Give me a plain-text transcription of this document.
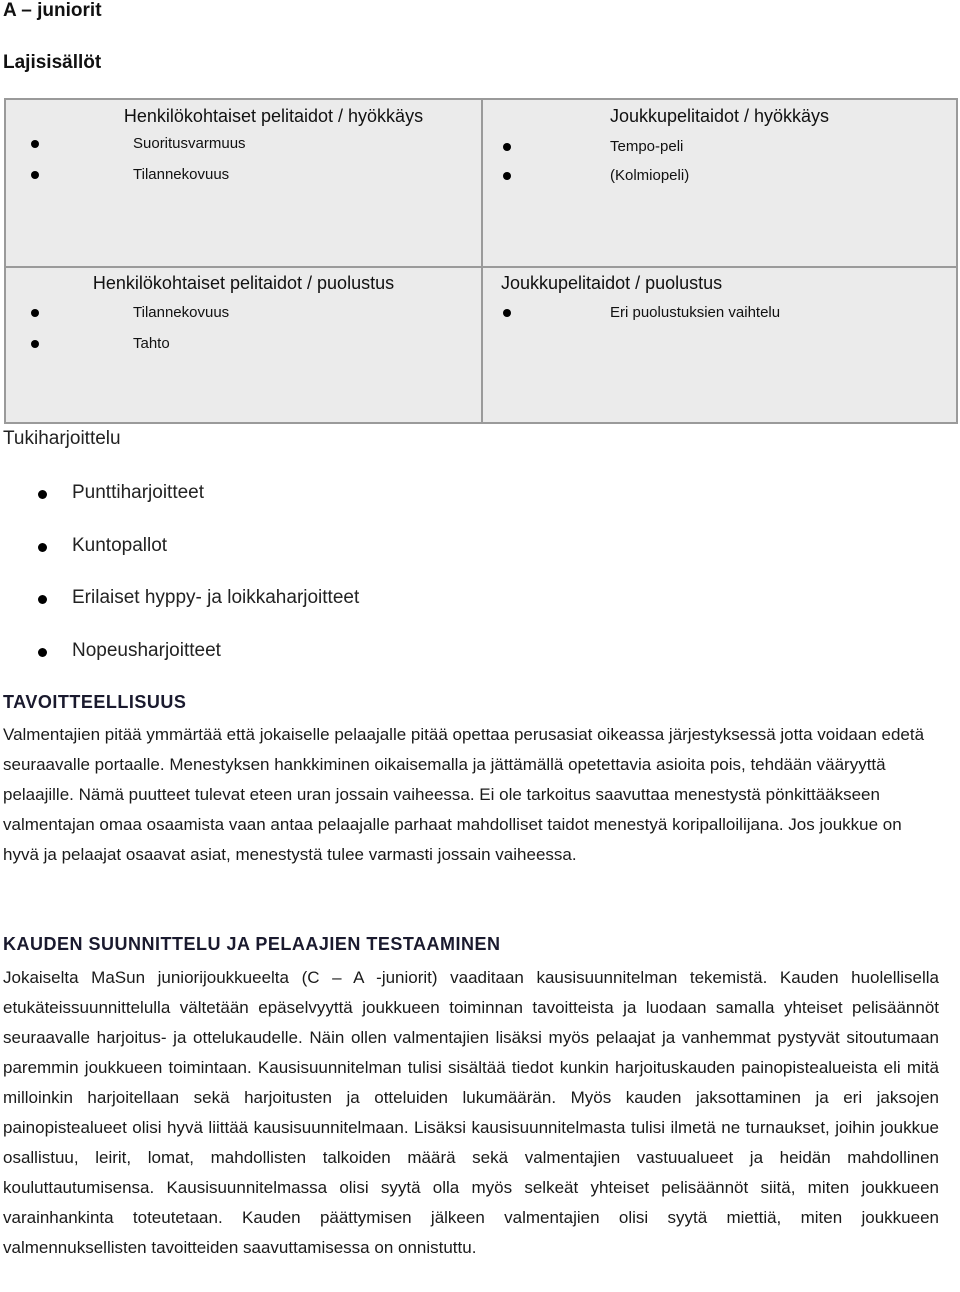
A – juniorit
Lajisisällöt
Henkilökohtaiset pelitaidot / hyökkäys
Suoritusvarmuus
Tilannekovuus
Joukkupelitaidot / hyökkäys
Tempo-peli
(Kolmiopeli)
Henkilökohtaiset pelitaidot / puolustus
Tilannekovuus
Tahto
Joukkupelitaidot / puolustus
Eri puolustuksien vaihtelu
Tukiharjoittelu
Punttiharjoitteet
Kuntopallot
Erilaiset hyppy- ja loikkaharjoitteet
Nopeusharjoitteet
TAVOITTEELLISUUS
Valmentajien pitää ymmärtää että jokaiselle pelaajalle pitää opettaa perusasiat oikeassa järjestyksessä jotta voidaan edetä seuraavalle portaalle. Menestyksen hankkiminen oikaisemalla ja jättämällä opetettavia asioita pois, tehdään vääryyttä pelaajille. Nämä puutteet tulevat eteen uran jossain vaiheessa. Ei ole tarkoitus saavuttaa menestystä pönkittääkseen valmentajan omaa osaamista vaan antaa pelaajalle parhaat mahdolliset taidot menestyä koripalloilijana. Jos joukkue on hyvä ja pelaajat osaavat asiat, menestystä tulee varmasti jossain vaiheessa.
KAUDEN SUUNNITTELU JA PELAAJIEN TESTAAMINEN
Jokaiselta MaSun juniorijoukkueelta (C – A -juniorit) vaaditaan kausisuunnitelman tekemistä. Kauden huolellisella etukäteissuunnittelulla vältetään epäselvyyttä joukkueen toiminnan tavoitteista ja luodaan samalla yhteiset pelisäännöt seuraavalle harjoitus- ja ottelukaudelle. Näin ollen valmentajien lisäksi myös pelaajat ja vanhemmat pystyvät sitoutumaan paremmin joukkueen toimintaan. Kausisuunnitelman tulisi sisältää tiedot kunkin harjoituskauden painopistealueista eli mitä milloinkin harjoitellaan sekä harjoitusten ja otteluiden lukumäärän. Myös kauden jaksottaminen ja eri jaksojen painopistealueet olisi hyvä liittää kausisuunnitelmaan. Lisäksi kausisuunnitelmasta tulisi ilmetä ne turnaukset, joihin joukkue osallistuu, leirit, lomat, mahdollisten talkoiden määrä sekä valmentajien vastuualueet ja heidän mahdollinen kouluttautumisensa. Kausisuunnitelmassa olisi syytä olla myös selkeät yhteiset pelisäännöt siitä, miten joukkueen varainhankinta toteutetaan. Kauden päättymisen jälkeen valmentajien olisi syytä miettiä, miten joukkueen valmennuksellisten tavoitteiden saavuttamisessa on onnistuttu.
